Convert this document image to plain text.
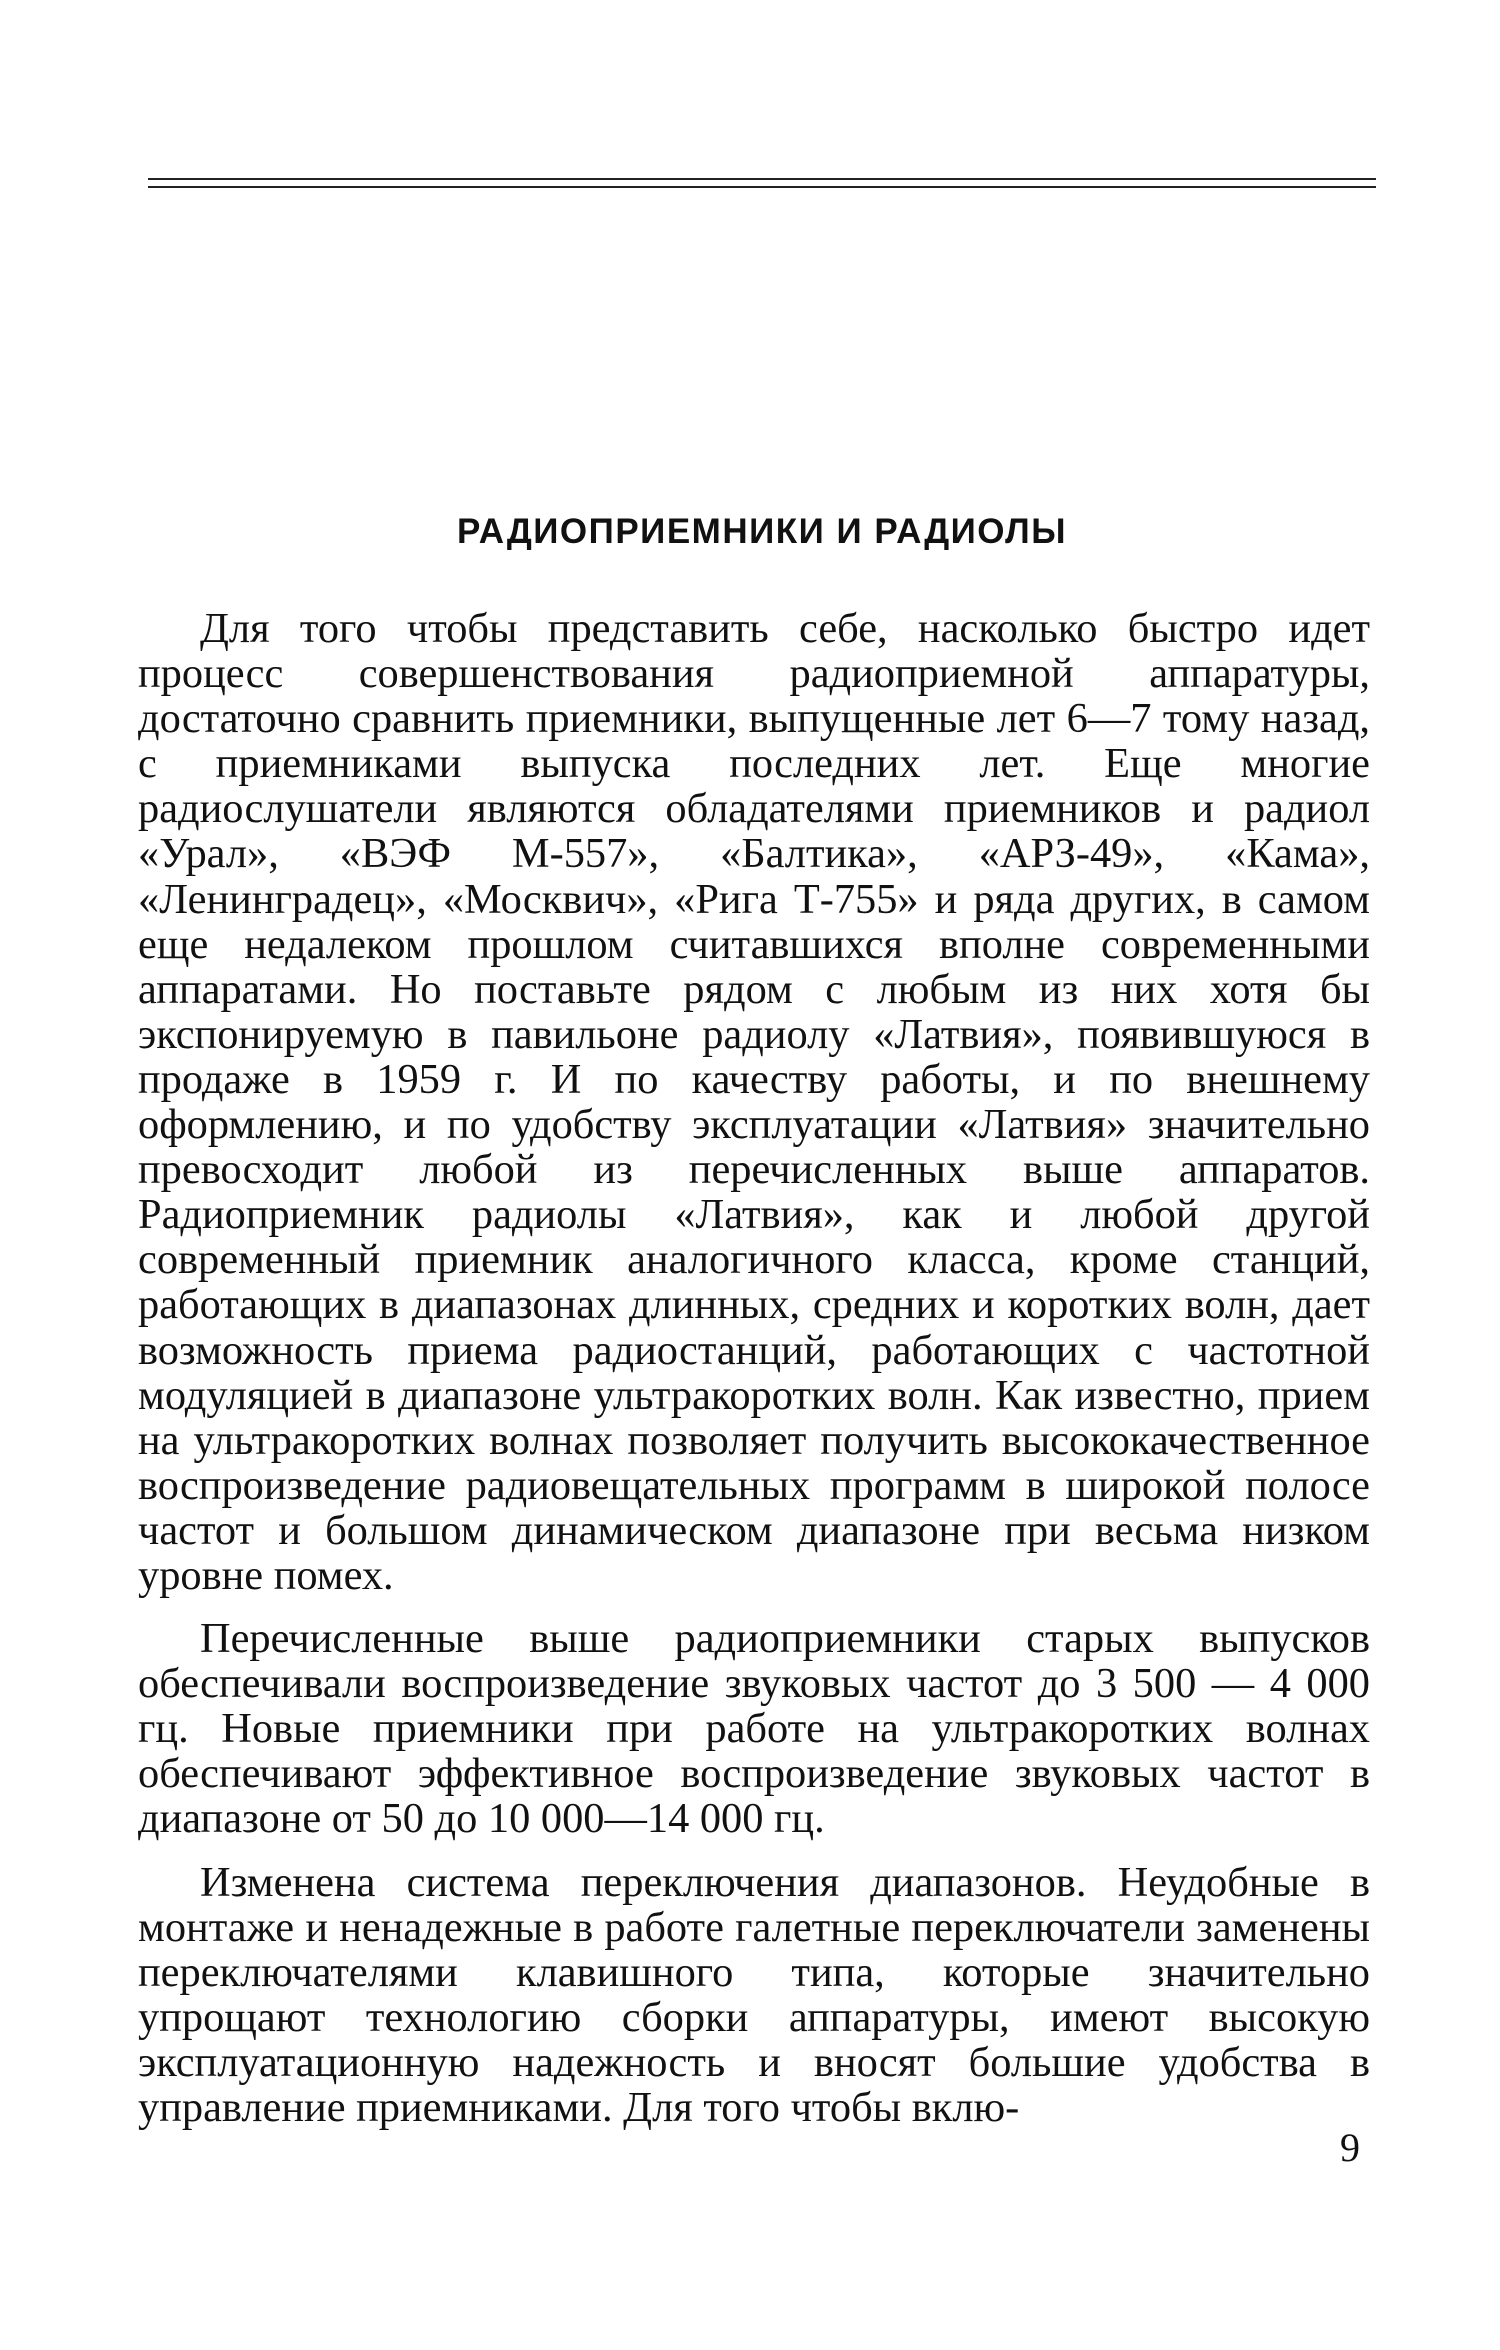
РАДИОПРИЕМНИКИ И РАДИОЛЫ

Для того чтобы представить себе, насколько быстро идет процесс совершенствования радиоприемной аппаратуры, достаточно сравнить приемники, выпущенные лет 6—7 тому назад, с приемниками выпуска последних лет. Еще многие радиослушатели являются обладателями приемников и радиол «Урал», «ВЭФ М-557», «Балтика», «АРЗ-49», «Кама», «Ленинградец», «Москвич», «Рига Т-755» и ряда других, в самом еще недалеком прошлом считавшихся вполне современными аппаратами. Но поставьте рядом с любым из них хотя бы экспонируемую в павильоне радиолу «Латвия», появившуюся в продаже в 1959 г. И по качеству работы, и по внешнему оформлению, и по удобству эксплуатации «Латвия» значительно превосходит любой из перечисленных выше аппаратов. Радиоприемник радиолы «Латвия», как и любой другой современный приемник аналогичного класса, кроме станций, работающих в диапазонах длинных, средних и коротких волн, дает возможность приема радиостанций, работающих с частотной модуляцией в диапазоне ультракоротких волн. Как известно, прием на ультракоротких волнах позволяет получить высококачественное воспроизведение радиовещательных программ в широкой полосе частот и большом динамическом диапазоне при весьма низком уровне помех.

Перечисленные выше радиоприемники старых выпусков обеспечивали воспроизведение звуковых частот до 3 500 — 4 000 гц. Новые приемники при работе на ультракоротких волнах обеспечивают эффективное воспроизведение звуковых частот в диапазоне от 50 до 10 000—14 000 гц.

Изменена система переключения диапазонов. Неудобные в монтаже и ненадежные в работе галетные переключатели заменены переключателями клавишного типа, которые значительно упрощают технологию сборки аппаратуры, имеют высокую эксплуатационную надежность и вносят большие удобства в управление приемниками. Для того чтобы вклю-

9
